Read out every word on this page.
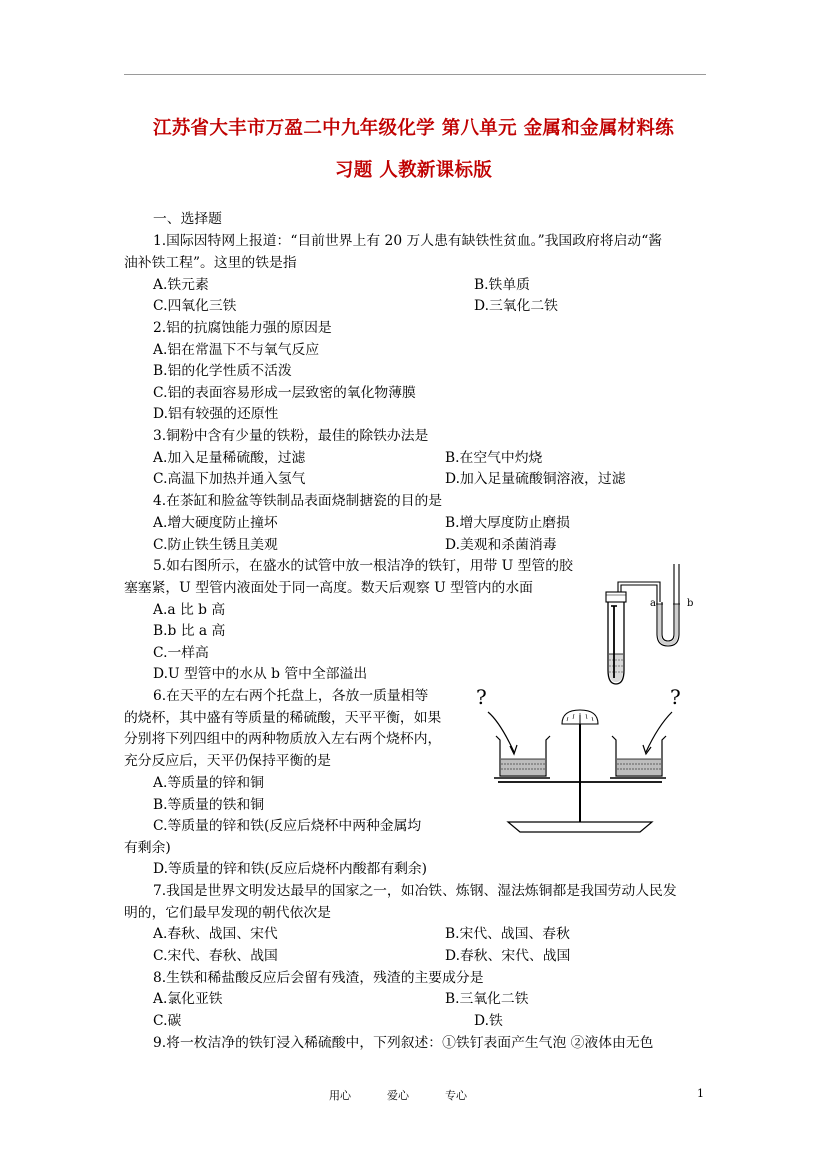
江苏省大丰市万盈二中九年级化学 第八单元 金属和金属材料练
习题 人教新课标版
一、选择题
1.国际因特网上报道：“目前世界上有 20 万人患有缺铁性贫血。”我国政府将启动“酱
油补铁工程”。这里的铁是指
A.铁元素	B.铁单质
C.四氧化三铁	D.三氧化二铁
2.铝的抗腐蚀能力强的原因是
A.铝在常温下不与氧气反应
B.铝的化学性质不活泼
C.铝的表面容易形成一层致密的氧化物薄膜
D.铝有较强的还原性
3.铜粉中含有少量的铁粉，最佳的除铁办法是
A.加入足量稀硫酸，过滤	B.在空气中灼烧
C.高温下加热并通入氢气	D.加入足量硫酸铜溶液，过滤
4.在茶缸和脸盆等铁制品表面烧制搪瓷的目的是
A.增大硬度防止撞坏	B.增大厚度防止磨损
C.防止铁生锈且美观	D.美观和杀菌消毒
5.如右图所示，在盛水的试管中放一根洁净的铁钉，用带 U 型管的胶
塞塞紧，U 型管内液面处于同一高度。数天后观察 U 型管内的水面
A.a 比 b 高
B.b 比 a 高
C.一样高
D.U 型管中的水从 b 管中全部溢出
a	b
6.在天平的左右两个托盘上，各放一质量相等
的烧杯，其中盛有等质量的稀硫酸，天平平衡，如果
分别将下列四组中的两种物质放入左右两个烧杯内，
充分反应后，天平仍保持平衡的是
A.等质量的锌和铜
B.等质量的铁和铜
C.等质量的锌和铁(反应后烧杯中两种金属均
有剩余)
D.等质量的锌和铁(反应后烧杯内酸都有剩余)
?	?
7.我国是世界文明发达最早的国家之一，如冶铁、炼钢、湿法炼铜都是我国劳动人民发
明的，它们最早发现的朝代依次是
A.春秋、战国、宋代	B.宋代、战国、春秋
C.宋代、春秋、战国	D.春秋、宋代、战国
8.生铁和稀盐酸反应后会留有残渣，残渣的主要成分是
A.氯化亚铁	B.三氧化二铁
C.碳	D.铁
9.将一枚洁净的铁钉浸入稀硫酸中，下列叙述：①铁钉表面产生气泡 ②液体由无色
用心	爱心	专心	1
